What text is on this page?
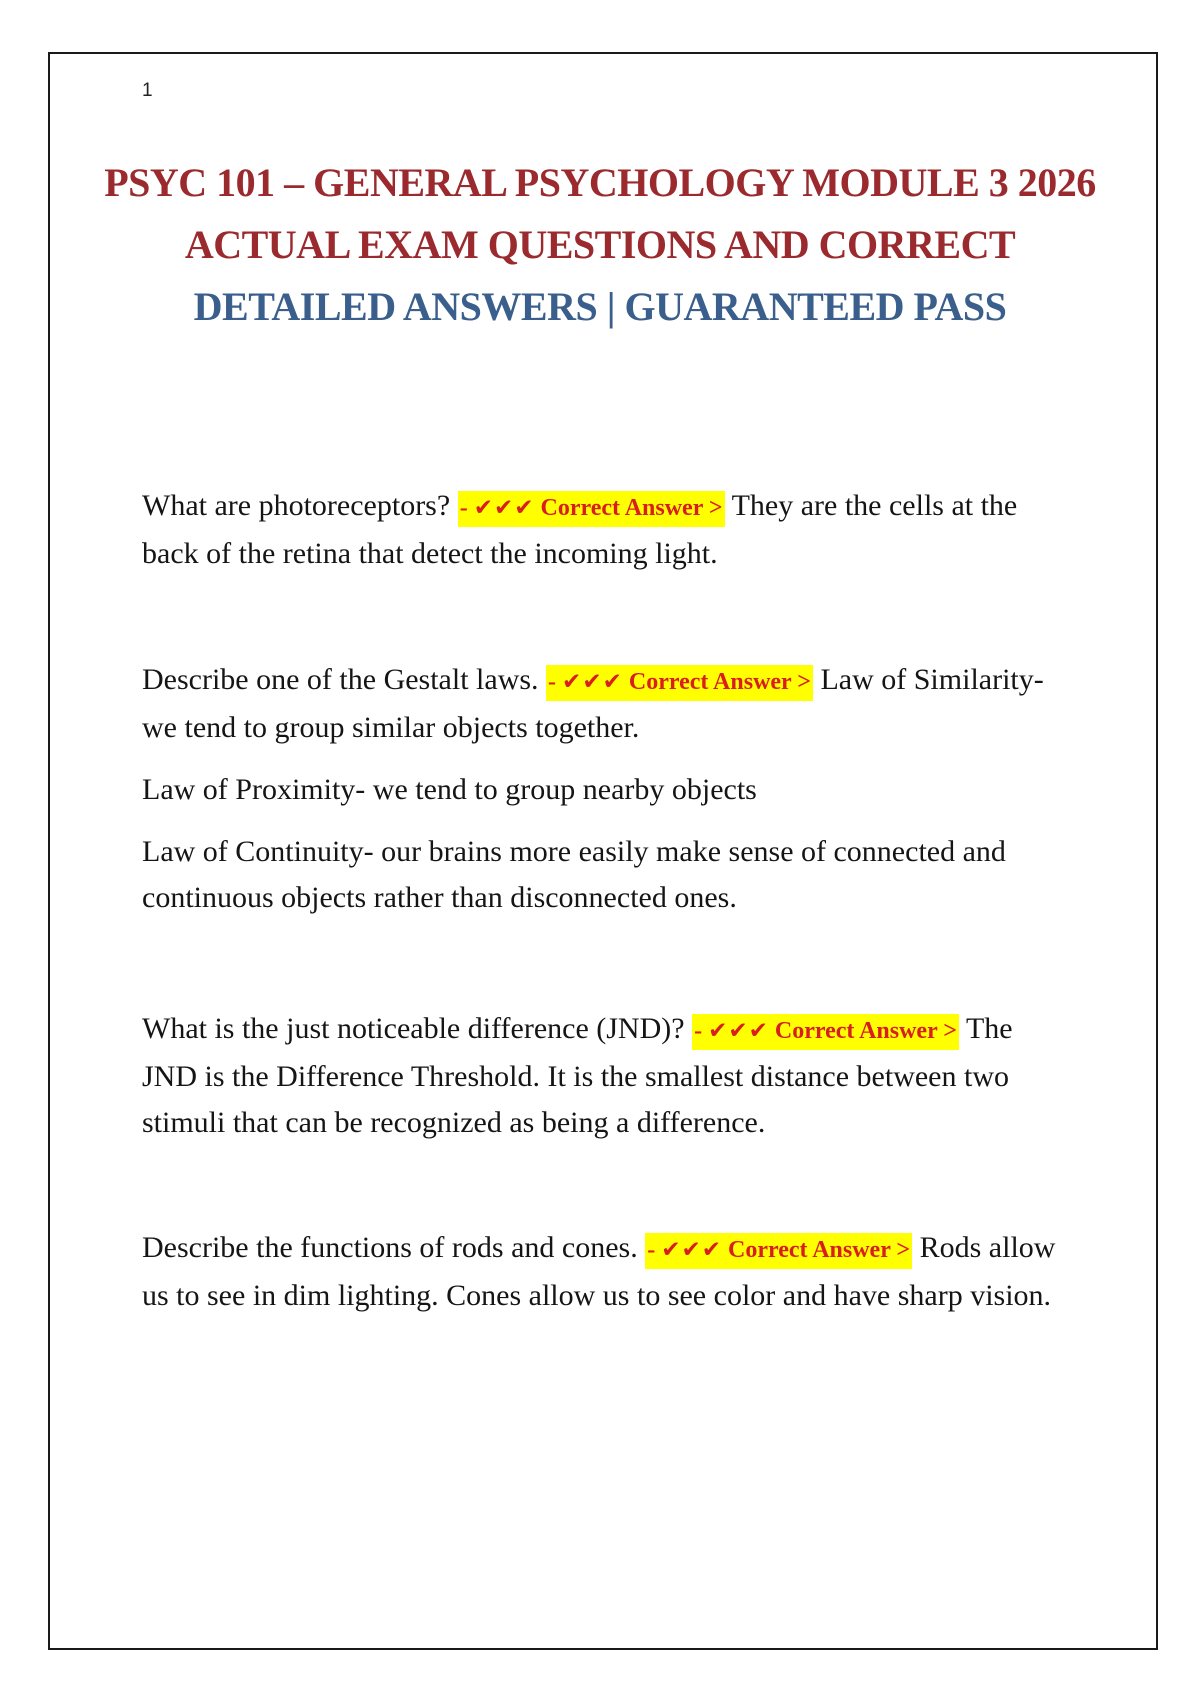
1
PSYC 101 – GENERAL PSYCHOLOGY MODULE 3 2026
ACTUAL EXAM QUESTIONS AND CORRECT
DETAILED ANSWERS | GUARANTEED PASS

What are photoreceptors? - ✔✔✔ Correct Answer > They are the cells at the back of the retina that detect the incoming light.

Describe one of the Gestalt laws. - ✔✔✔ Correct Answer > Law of Similarity- we tend to group similar objects together.

Law of Proximity- we tend to group nearby objects

Law of Continuity- our brains more easily make sense of connected and continuous objects rather than disconnected ones.

What is the just noticeable difference (JND)? - ✔✔✔ Correct Answer > The JND is the Difference Threshold. It is the smallest distance between two stimuli that can be recognized as being a difference.

Describe the functions of rods and cones. - ✔✔✔ Correct Answer > Rods allow us to see in dim lighting. Cones allow us to see color and have sharp vision.
